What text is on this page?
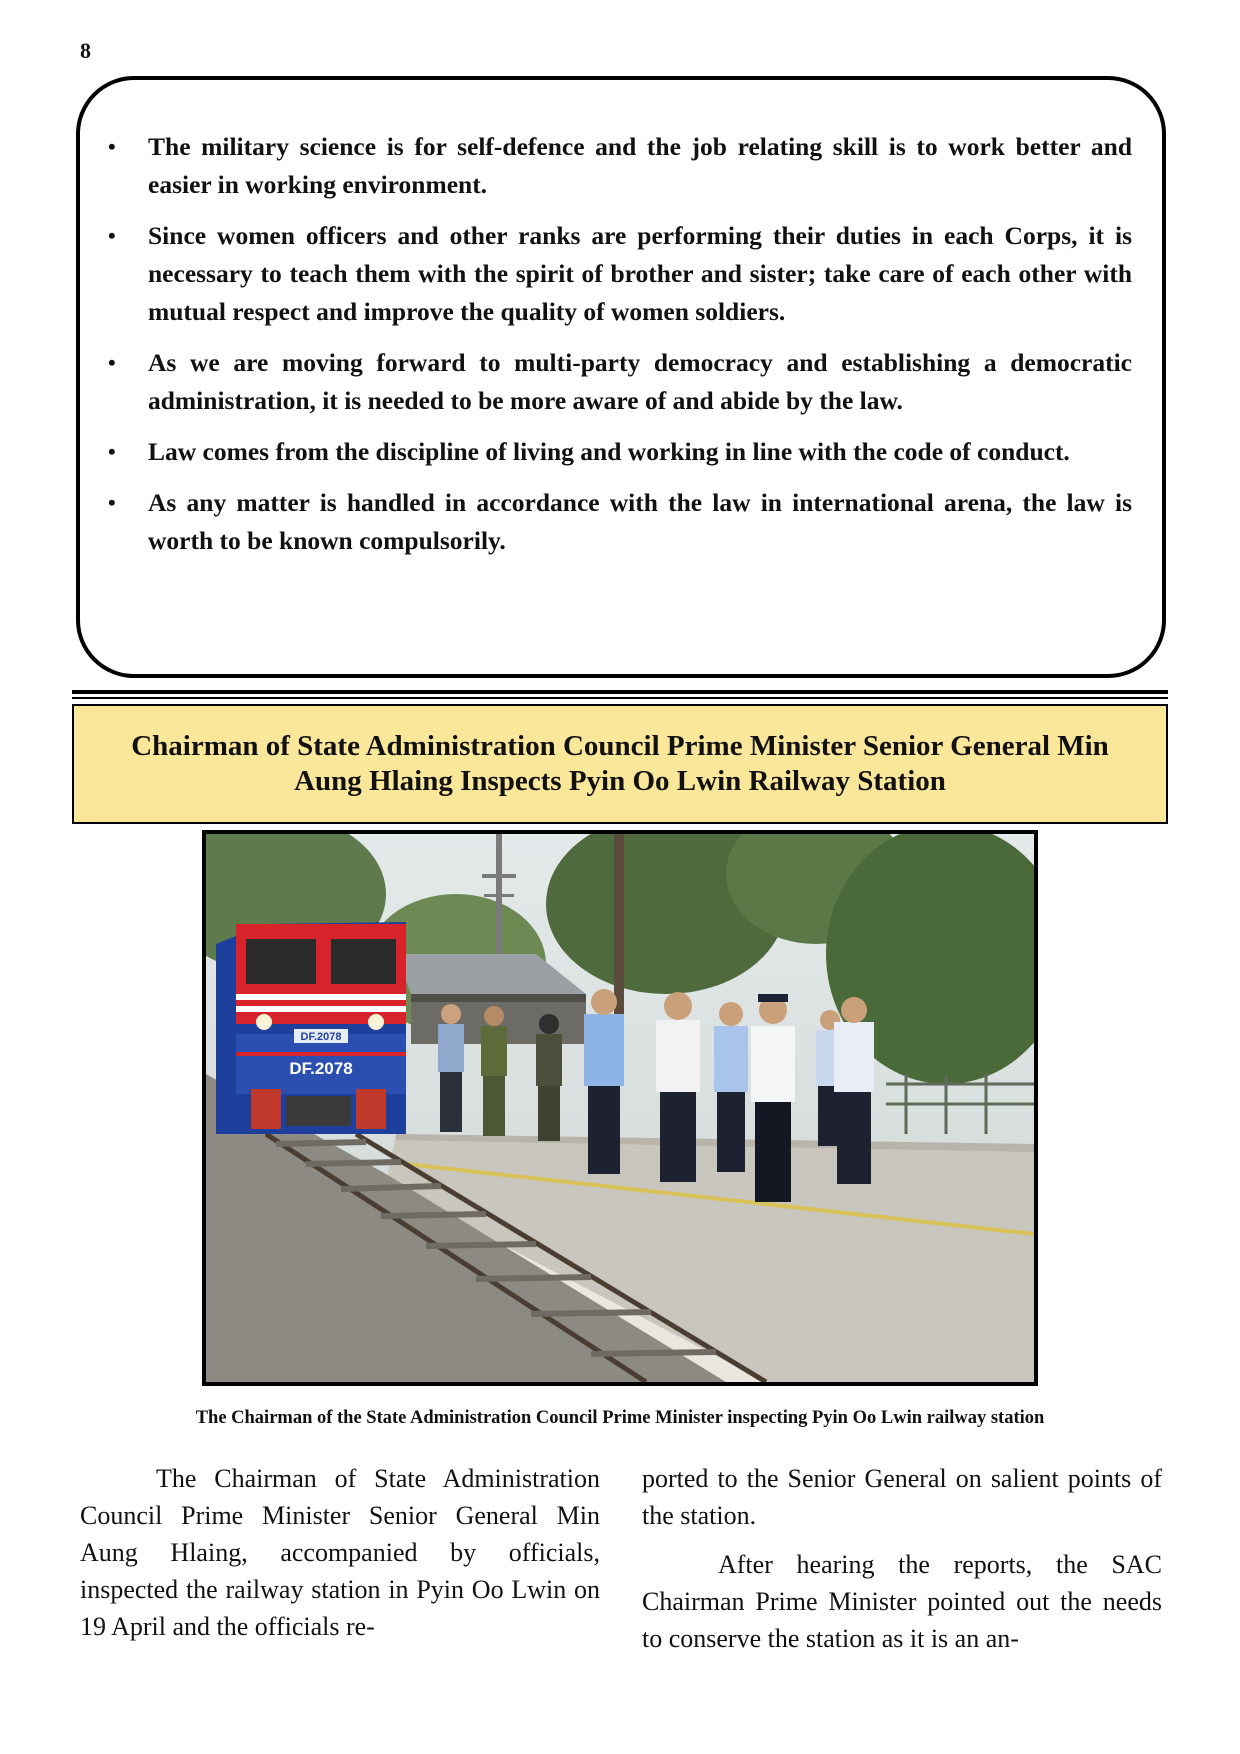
8
• The military science is for self-defence and the job relating skill is to work better and easier in working environment.
• Since women officers and other ranks are performing their duties in each Corps, it is necessary to teach them with the spirit of brother and sister; take care of each other with mutual respect and improve the quality of women soldiers.
• As we are moving forward to multi-party democracy and establishing a democratic administration, it is needed to be more aware of and abide by the law.
• Law comes from the discipline of living and working in line with the code of conduct.
• As any matter is handled in accordance with the law in international arena, the law is worth to be known compulsorily.
Chairman of State Administration Council Prime Minister Senior General Min
Aung Hlaing Inspects Pyin Oo Lwin Railway Station
DF.2078
DF.2078
The Chairman of the State Administration Council Prime Minister inspecting Pyin Oo Lwin railway station

The Chairman of State Administration Council Prime Minister Senior General Min Aung Hlaing, accompanied by officials, inspected the railway station in Pyin Oo Lwin on 19 April and the officials re-

ported to the Senior General on salient points of the station.

After hearing the reports, the SAC Chairman Prime Minister pointed out the needs to conserve the station as it is an an-
